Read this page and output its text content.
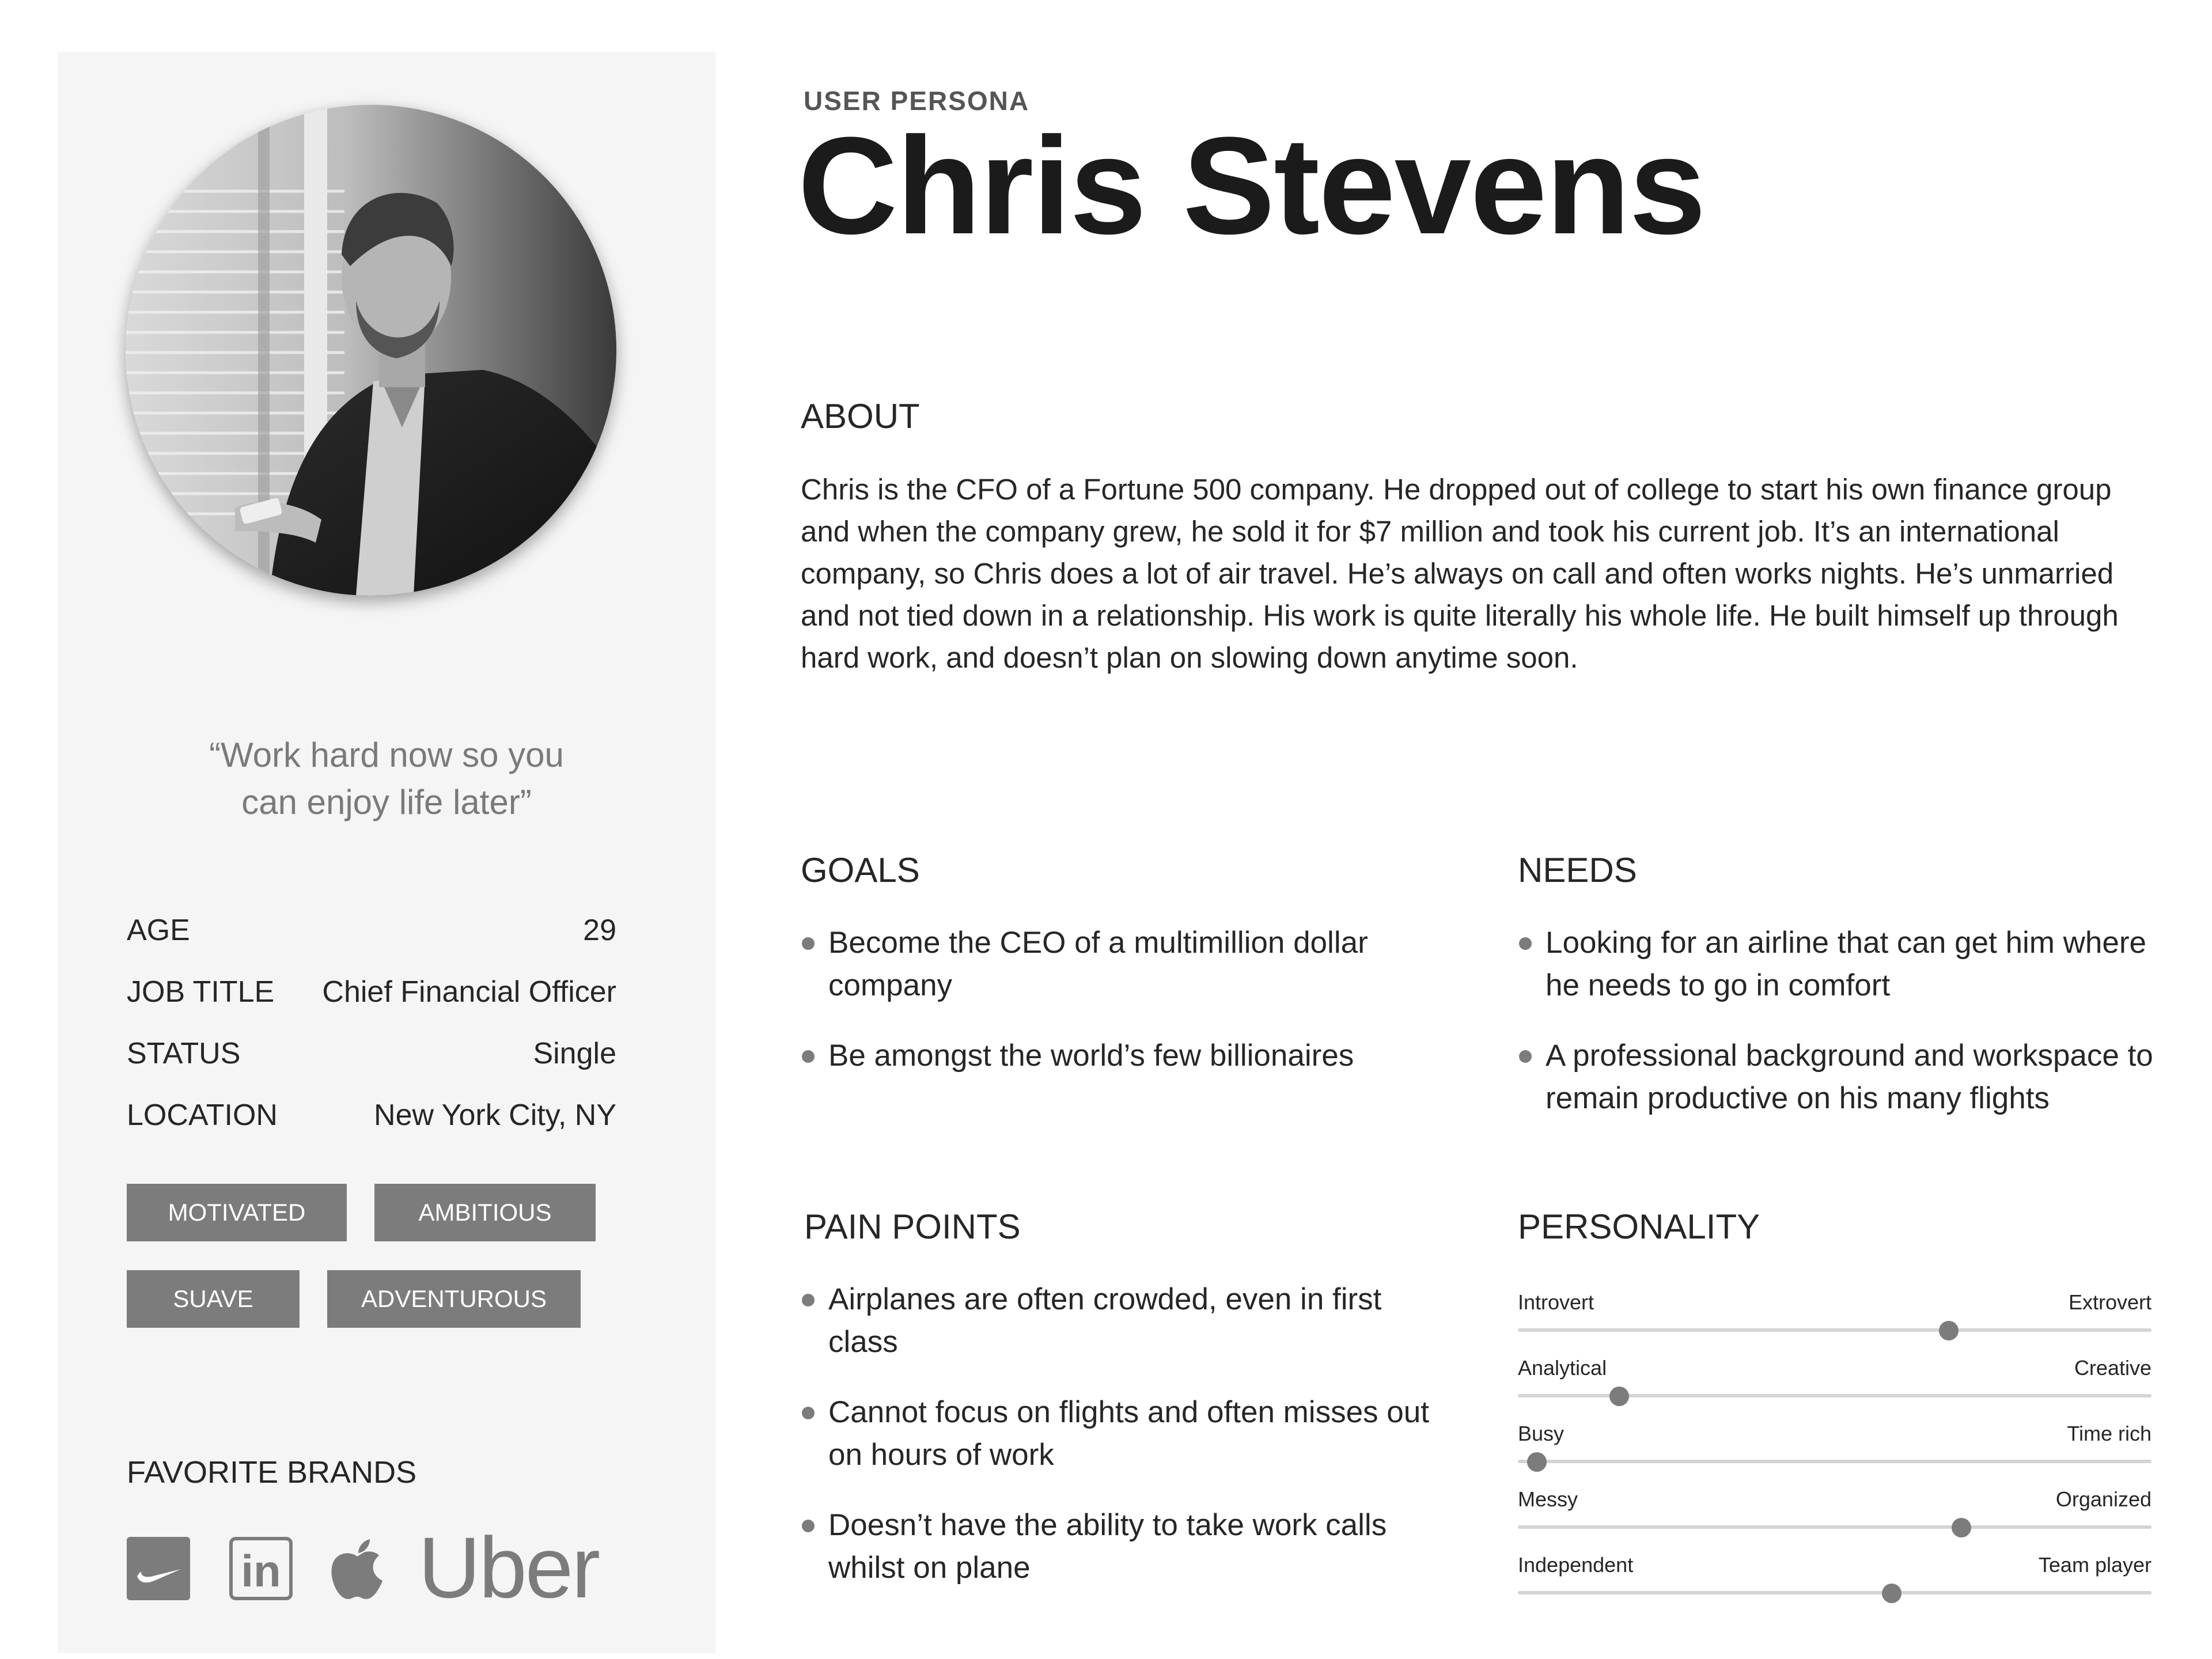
“Work hard now so you
can enjoy life later”
AGE	29
JOB TITLE Chief Financial Officer
STATUS	Single
LOCATION	New York City, NY
MOTIVATED	AMBITIOUS
SUAVE	ADVENTUROUS
FAVORITE BRANDS
in Uber
USER PERSONA
Chris Stevens
ABOUT
Chris is the CFO of a Fortune 500 company. He dropped out of college to start his own finance group and when the company grew, he sold it for $7 million and took his current job. It’s an international company, so Chris does a lot of air travel. He’s always on call and often works nights. He’s unmarried and not tied down in a relationship. His work is quite literally his whole life. He built himself up through hard work, and doesn’t plan on slowing down anytime soon.
GOALS
Become the CEO of a multimillion dollar company
Be amongst the world’s few billionaires
NEEDS
Looking for an airline that can get him where he needs to go in comfort
A professional background and workspace to remain productive on his many flights
PAIN POINTS
Airplanes are often crowded, even in first class
Cannot focus on flights and often misses out on hours of work
Doesn’t have the ability to take work calls whilst on plane
PERSONALITY
Introvert	Extrovert
Analytical	Creative
Busy	Time rich
Messy	Organized
Independent	Team player
